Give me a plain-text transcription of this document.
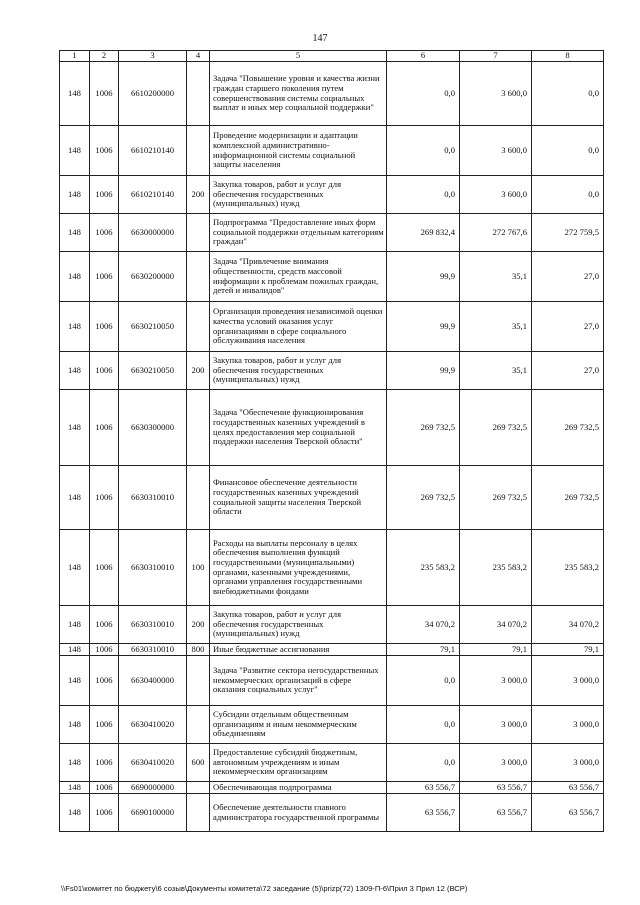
147
1	2	3	4	5	6	7	8
148	1006	6610200000		Задача "Повышение уровня и качества жизни граждан старшего поколения путем совершенствования системы социальных выплат и иных мер социальной поддержки"	0,0	3 600,0	0,0
148	1006	6610210140		Проведение модернизации и адаптации комплексной административно-информационной системы социальной защиты населения	0,0	3 600,0	0,0
148	1006	6610210140	200	Закупка товаров, работ и услуг для обеспечения государственных (муниципальных) нужд	0,0	3 600,0	0,0
148	1006	6630000000		Подпрограмма "Предоставление иных форм социальной поддержки отдельным категориям граждан"	269 832,4	272 767,6	272 759,5
148	1006	6630200000		Задача "Привлечение внимания общественности, средств массовой информации к проблемам пожилых граждан, детей и инвалидов"	99,9	35,1	27,0
148	1006	6630210050		Организация проведения независимой оценки качества условий оказания услуг организациями в сфере социального обслуживания населения	99,9	35,1	27,0
148	1006	6630210050	200	Закупка товаров, работ и услуг для обеспечения государственных (муниципальных) нужд	99,9	35,1	27,0
148	1006	6630300000		Задача "Обеспечение функционирования государственных казенных учреждений в целях предоставления мер социальной поддержки населения Тверской области"	269 732,5	269 732,5	269 732,5
148	1006	6630310010		Финансовое обеспечение деятельности государственных казенных учреждений социальной защиты населения Тверской области	269 732,5	269 732,5	269 732,5
148	1006	6630310010	100	Расходы на выплаты персоналу в целях обеспечения выполнения функций государственными (муниципальными) органами, казенными учреждениями, органами управления государственными внебюджетными фондами	235 583,2	235 583,2	235 583,2
148	1006	6630310010	200	Закупка товаров, работ и услуг для обеспечения государственных (муниципальных) нужд	34 070,2	34 070,2	34 070,2
148	1006	6630310010	800	Иные бюджетные ассигнования	79,1	79,1	79,1
148	1006	6630400000		Задача "Развитие сектора негосударственных некоммерческих организаций в сфере оказания социальных услуг"	0,0	3 000,0	3 000,0
148	1006	6630410020		Субсидии отдельным общественным организациям и иным некоммерческим объединениям	0,0	3 000,0	3 000,0
148	1006	6630410020	600	Предоставление субсидий бюджетным, автономным учреждениям и иным некоммерческим организациям	0,0	3 000,0	3 000,0
148	1006	6690000000		Обеспечивающая подпрограмма	63 556,7	63 556,7	63 556,7
148	1006	6690100000		Обеспечение деятельности главного администратора государственной программы	63 556,7	63 556,7	63 556,7
\\Fs01\комитет по бюджету\6 созыв\Документы комитета\72 заседание (5)\prizp(72) 1309-П-6\Прил 3 Прил 12 (ВСР)
